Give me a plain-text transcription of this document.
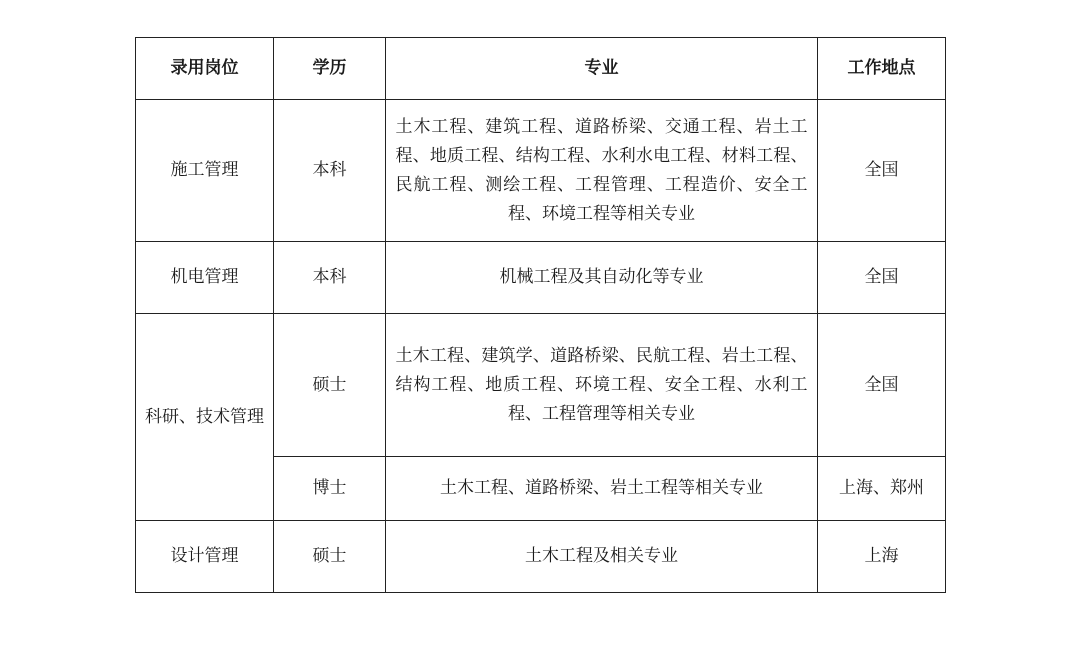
录用岗位	学历	专业	工作地点
施工管理	本科	土木工程、建筑工程、道路桥梁、交通工程、岩土工程、地质工程、结构工程、水利水电工程、材料工程、民航工程、测绘工程、工程管理、工程造价、安全工程、环境工程等相关专业	全国
机电管理	本科	机械工程及其自动化等专业	全国
科研、技术管理	硕士	土木工程、建筑学、道路桥梁、民航工程、岩土工程、结构工程、地质工程、环境工程、安全工程、水利工程、工程管理等相关专业	全国
	博士	土木工程、道路桥梁、岩土工程等相关专业	上海、郑州
设计管理	硕士	土木工程及相关专业	上海
